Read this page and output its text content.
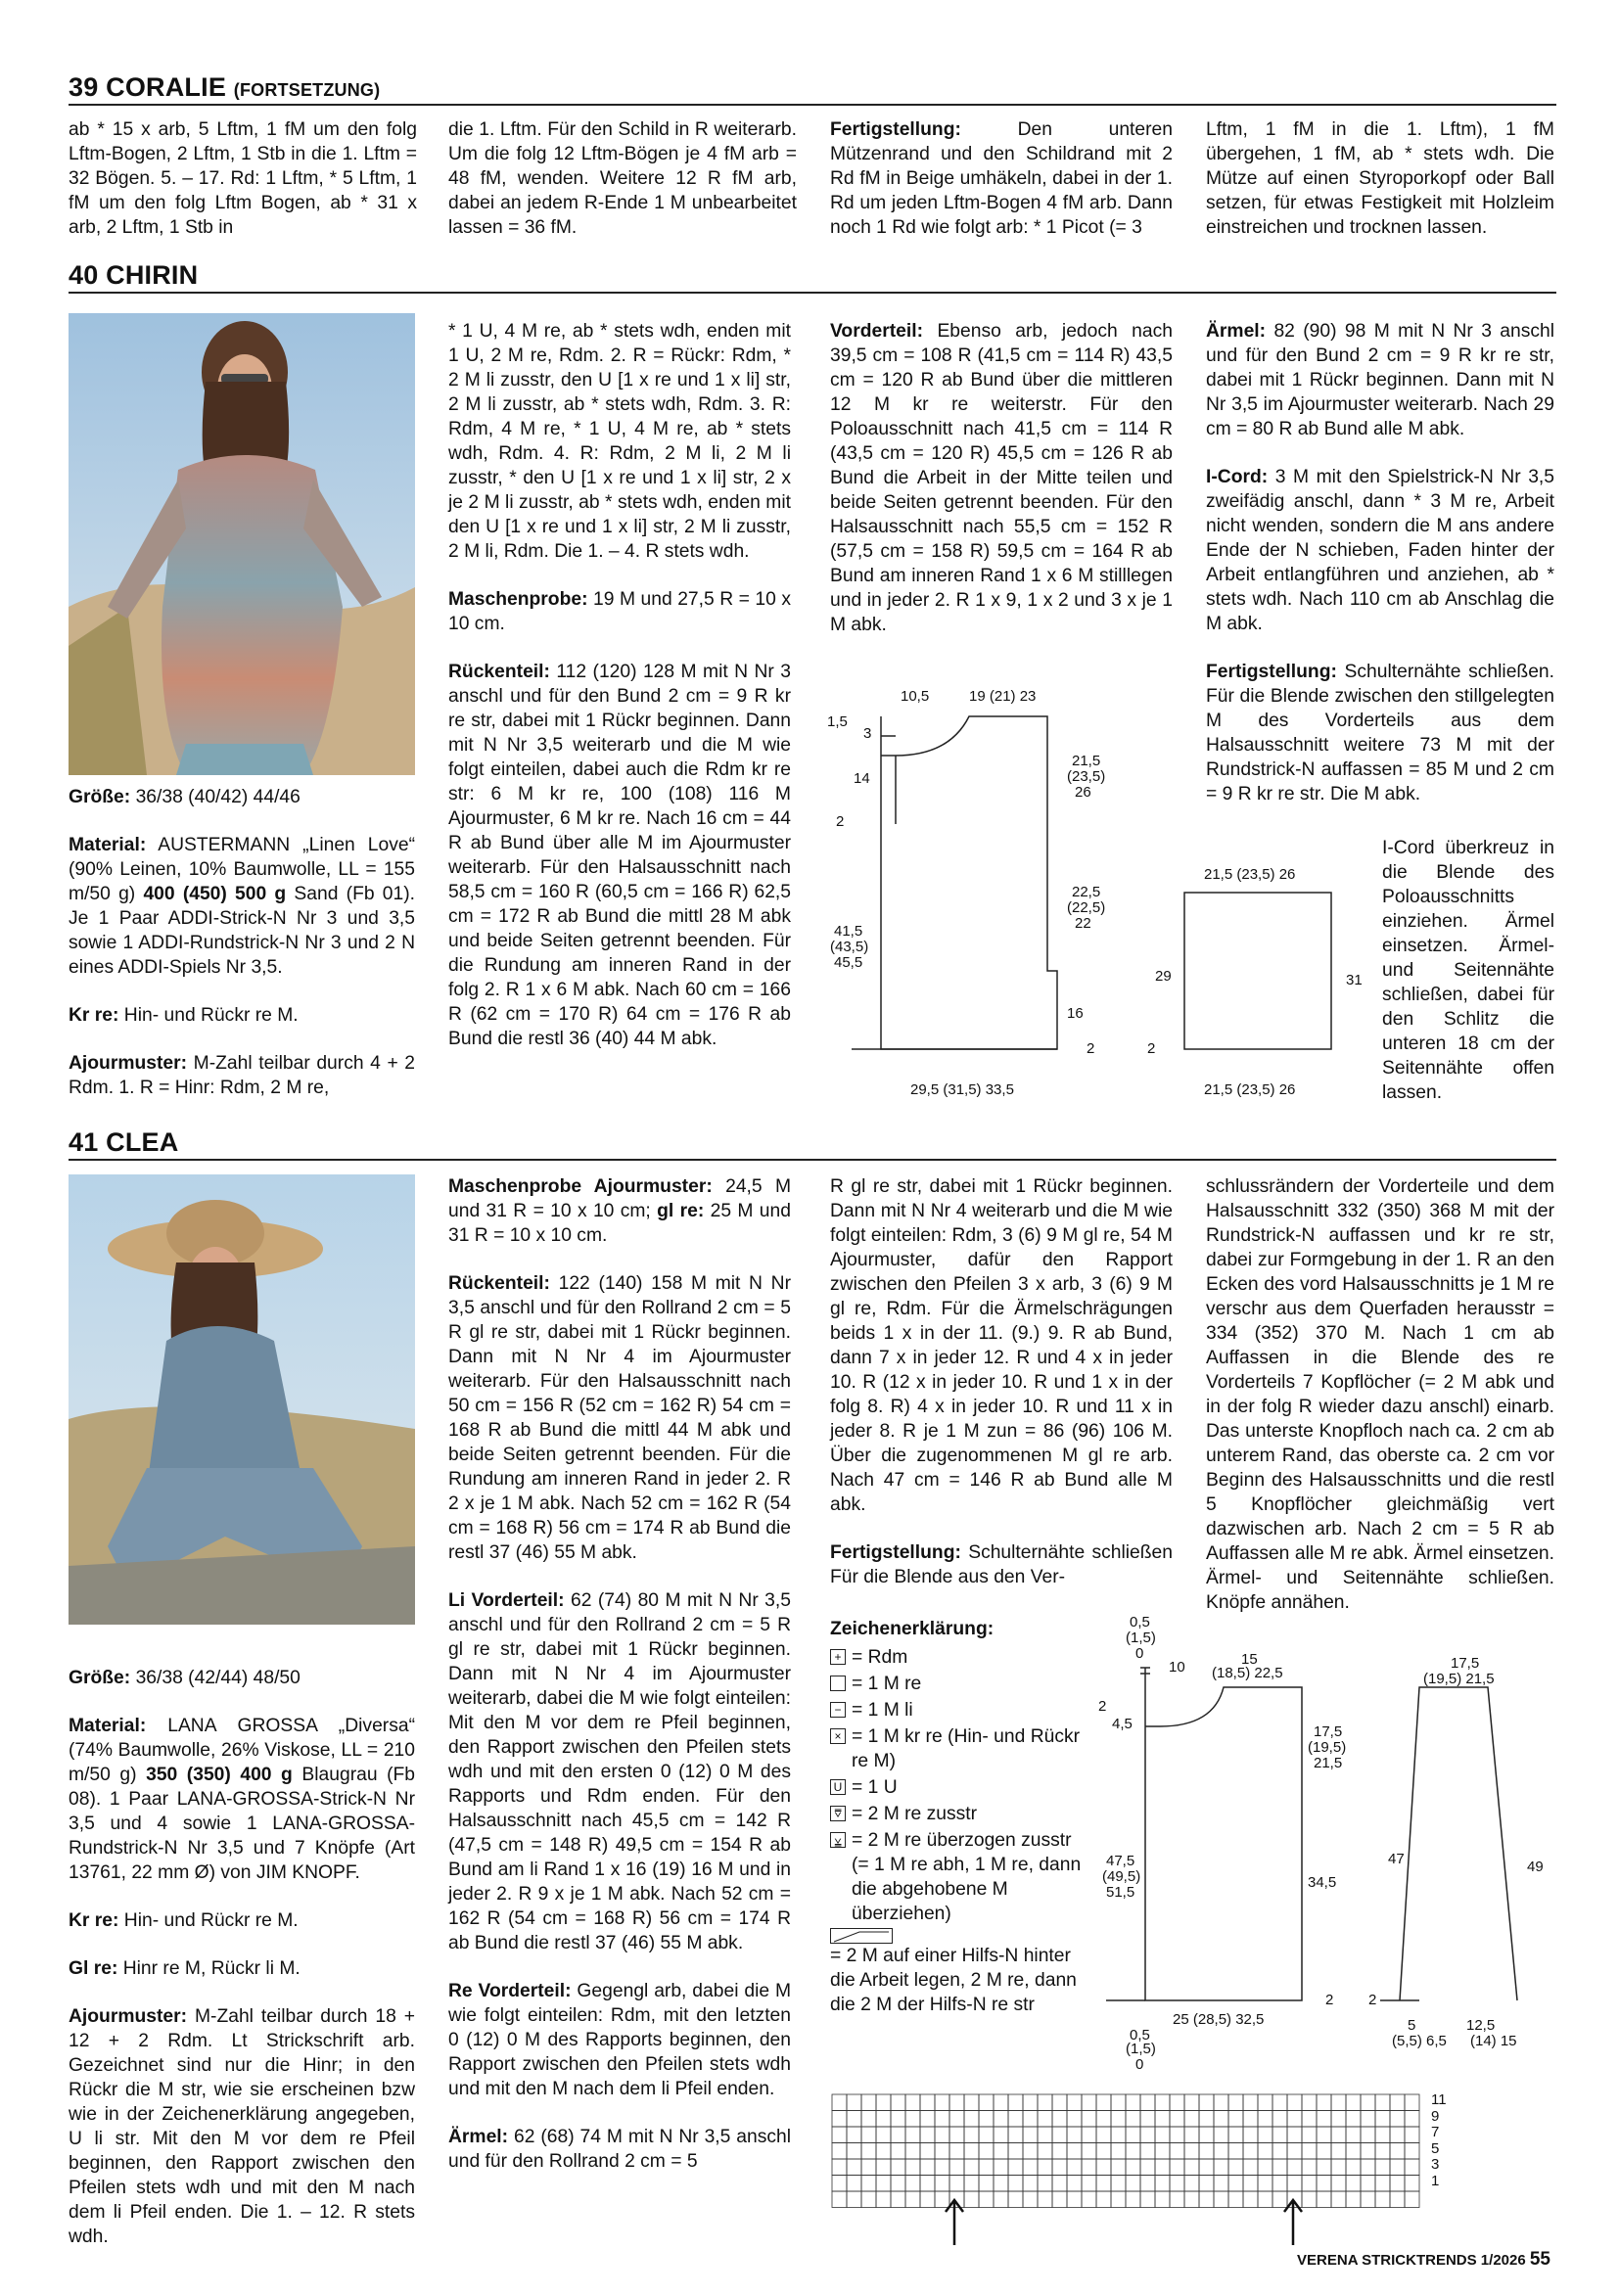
39 CORALIE (FORTSETZUNG)
ab * 15 x arb, 5 Lftm, 1 fM um den folg Lftm-Bogen, 2 Lftm, 1 Stb in die 1. Lftm = 32 Bögen. 5. – 17. Rd: 1 Lftm, * 5 Lftm, 1 fM um den folg Lftm Bogen, ab * 31 x arb, 2 Lftm, 1 Stb in
die 1. Lftm. Für den Schild in R weiterarb. Um die folg 12 Lftm-Bögen je 4 fM arb = 48 fM, wenden. Weitere 12 R fM arb, dabei an jedem R-Ende 1 M unbearbeitet lassen = 36 fM.
Fertigstellung:	Den unteren Mützenrand und den Schildrand mit 2 Rd fM in Beige umhäkeln, dabei in der 1. Rd um jeden Lftm-Bogen 4 fM arb. Dann noch 1 Rd wie folgt arb: * 1 Picot (= 3
Lftm, 1 fM in die 1. Lftm), 1 fM übergehen, 1 fM, ab * stets wdh. Die Mütze auf einen Styroporkopf oder Ball setzen, für etwas Festigkeit mit Holzleim einstreichen und trocknen lassen.
40 CHIRIN

Größe: 36/38 (40/42) 44/46

Material: AUSTERMANN „Linen Love“ (90% Leinen, 10% Baumwolle, LL = 155 m/50 g) 400 (450) 500 g Sand (Fb 01). Je 1 Paar ADDI-Strick-N Nr 3 und 3,5 sowie 1 ADDI-Rundstrick-N Nr 3 und 2 N eines ADDI-Spiels Nr 3,5.

Kr re: Hin- und Rückr re M.

Ajourmuster: M-Zahl teilbar durch 4 + 2 Rdm. 1. R = Hinr: Rdm, 2 M re,

* 1 U, 4 M re, ab * stets wdh, enden mit 1 U, 2 M re, Rdm. 2. R = Rückr: Rdm, * 2 M li zusstr, den U [1 x re und 1 x li] str, 2 M li zusstr, ab * stets wdh, Rdm. 3. R: Rdm, 4 M re, * 1 U, 4 M re, ab * stets wdh, Rdm. 4. R: Rdm, 2 M li, 2 M li zusstr, * den U [1 x re und 1 x li] str, 2 x je 2 M li zusstr, ab * stets wdh, enden mit den U [1 x re und 1 x li] str, 2 M li zusstr, 2 M li, Rdm. Die 1. – 4. R stets wdh.

Maschenprobe: 19 M und 27,5 R = 10 x 10 cm.

Rückenteil: 112 (120) 128 M mit N Nr 3 anschl und für den Bund 2 cm = 9 R kr re str, dabei mit 1 Rückr beginnen. Dann mit N Nr 3,5 weiterarb und die M wie folgt einteilen, dabei auch die Rdm kr re str: 6 M kr re, 100 (108) 116 M Ajourmuster, 6 M kr re. Nach 16 cm = 44 R ab Bund über alle M im Ajourmuster weiterarb. Für den Halsausschnitt nach 58,5 cm = 160 R (60,5 cm = 166 R) 62,5 cm = 172 R ab Bund die mittl 28 M abk und beide Seiten getrennt beenden. Für die Rundung am inneren Rand in der folg 2. R 1 x 6 M abk. Nach 60 cm = 166 R (62 cm = 170 R) 64 cm = 176 R ab Bund die restl 36 (40) 44 M abk.

Vorderteil: Ebenso arb, jedoch nach 39,5 cm = 108 R (41,5 cm = 114 R) 43,5 cm = 120 R ab Bund über die mittleren 12 M kr re weiterstr. Für den Poloausschnitt nach 41,5 cm = 114 R (43,5 cm = 120 R) 45,5 cm = 126 R ab Bund die Arbeit in der Mitte teilen und beide Seiten getrennt beenden. Für den Halsausschnitt nach 55,5 cm = 152 R (57,5 cm = 158 R) 59,5 cm = 164 R ab Bund am inneren Rand 1 x 6 M stilllegen und in jeder 2. R 1 x 9, 1 x 2 und 3 x je 1 M abk.

Ärmel: 82 (90) 98 M mit N Nr 3 anschl und für den Bund 2 cm = 9 R kr re str, dabei mit 1 Rückr beginnen. Dann mit N Nr 3,5 im Ajourmuster weiterarb. Nach 29 cm = 80 R ab Bund alle M abk.

I-Cord: 3 M mit den Spielstrick-N Nr 3,5 zweifädig anschl, dann * 3 M re, Arbeit nicht wenden, sondern die M ans andere Ende der N schieben, Faden hinter der Arbeit entlangführen und anziehen, ab * stets wdh. Nach 110 cm ab Anschlag die M abk.

Fertigstellung: Schulternähte schließen. Für die Blende zwischen den stillgelegten M des Vorderteils aus dem Halsausschnitt weitere 73 M mit der Rundstrick-N auffassen = 85 M und 2 cm = 9 R kr re str. Die M abk.

I-Cord überkreuz in die Blende des Poloausschnitts einziehen. Ärmel einsetzen. Ärmel- und Seitennähte schließen, dabei für den Schlitz die unteren 18 cm der Seitennähte offen lassen.
10,5	19 (21) 23
1,5
3
14
2
21,5
(23,5)
26
22,5
(22,5)
22
41,5
(43,5)
45,5
16
2
29,5 (31,5) 33,5
21,5 (23,5) 26
29	31
2
21,5 (23,5) 26
41 CLEA

Größe: 36/38 (42/44) 48/50

Material: LANA GROSSA „Diversa“ (74% Baumwolle, 26% Viskose, LL = 210 m/50 g) 350 (350) 400 g Blaugrau (Fb 08). 1 Paar LANA-GROSSA-Strick-N Nr 3,5 und 4 sowie 1 LANA-GROSSA-Rundstrick-N Nr 3,5 und 7 Knöpfe (Art 13761, 22 mm Ø) von JIM KNOPF.

Kr re: Hin- und Rückr re M.

Gl re: Hinr re M, Rückr li M.

Ajourmuster: M-Zahl teilbar durch 18 + 12 + 2 Rdm. Lt Strickschrift arb. Gezeichnet sind nur die Hinr; in den Rückr die M str, wie sie erscheinen bzw wie in der Zeichenerklärung angegeben, U li str. Mit den M vor dem re Pfeil beginnen, den Rapport zwischen den Pfeilen stets wdh und mit den M nach dem li Pfeil enden. Die 1. – 12. R stets wdh.

Maschenprobe Ajourmuster: 24,5 M und 31 R = 10 x 10 cm; gl re: 25 M und 31 R = 10 x 10 cm.

Rückenteil: 122 (140) 158 M mit N Nr 3,5 anschl und für den Rollrand 2 cm = 5 R gl re str, dabei mit 1 Rückr beginnen. Dann mit N Nr 4 im Ajourmuster weiterarb. Für den Halsausschnitt nach 50 cm = 156 R (52 cm = 162 R) 54 cm = 168 R ab Bund die mittl 44 M abk und beide Seiten getrennt beenden. Für die Rundung am inneren Rand in jeder 2. R 2 x je 1 M abk. Nach 52 cm = 162 R (54 cm = 168 R) 56 cm = 174 R ab Bund die restl 37 (46) 55 M abk.

Li Vorderteil: 62 (74) 80 M mit N Nr 3,5 anschl und für den Rollrand 2 cm = 5 R gl re str, dabei mit 1 Rückr beginnen. Dann mit N Nr 4 im Ajourmuster weiterarb, dabei die M wie folgt einteilen: Mit den M vor dem re Pfeil beginnen, den Rapport zwischen den Pfeilen stets wdh und mit den ersten 0 (12) 0 M des Rapports und Rdm enden. Für den Halsausschnitt nach 45,5 cm = 142 R (47,5 cm = 148 R) 49,5 cm = 154 R ab Bund am li Rand 1 x 16 (19) 16 M und in jeder 2. R 9 x je 1 M abk. Nach 52 cm = 162 R (54 cm = 168 R) 56 cm = 174 R ab Bund die restl 37 (46) 55 M abk.

Re Vorderteil: Gegengl arb, dabei die M wie folgt einteilen: Rdm, mit den letzten 0 (12) 0 M des Rapports beginnen, den Rapport zwischen den Pfeilen stets wdh und mit den M nach dem li Pfeil enden.

Ärmel: 62 (68) 74 M mit N Nr 3,5 anschl und für den Rollrand 2 cm = 5

R gl re str, dabei mit 1 Rückr beginnen. Dann mit N Nr 4 weiterarb und die M wie folgt einteilen: Rdm, 3 (6) 9 M gl re, 54 M Ajourmuster, dafür den Rapport zwischen den Pfeilen 3 x arb, 3 (6) 9 M gl re, Rdm. Für die Ärmelschrägungen beids 1 x in der 11. (9.) 9. R ab Bund, dann 7 x in jeder 12. R und 4 x in jeder 10. R (12 x in jeder 10. R und 1 x in der folg 8. R) 4 x in jeder 10. R und 11 x in jeder 8. R je 1 M zun = 86 (96) 106 M. Über die zugenommenen M gl re arb. Nach 47 cm = 146 R ab Bund alle M abk.

Fertigstellung: Schulternähte schließen Für die Blende aus den Ver-

schlussrändern der Vorderteile und dem Halsausschnitt 332 (350) 368 M mit der Rundstrick-N auffassen und kr re str, dabei zur Formgebung in der 1. R an den Ecken des vord Halsausschnitts je 1 M re verschr aus dem Querfaden herausstr = 334 (352) 370 M. Nach 1 cm ab Auffassen in die Blende des re Vorderteils 7 Kopflöcher (= 2 M abk und in der folg R wieder dazu anschl) einarb. Das unterste Knopfloch nach ca. 2 cm ab unterem Rand, das oberste ca. 2 cm vor Beginn des Halsausschnitts und die restl 5 Knopflöcher gleichmäßig vert dazwischen arb. Nach 2 cm = 5 R ab Auffassen alle M re abk. Ärmel einsetzen. Ärmel- und Seitennähte schließen. Knöpfe annähen.
Zeichenerklärung:
+ = Rdm
= 1 M re
− = 1 M li
× = 1 M kr re (Hin- und Rückr re M)
U = 1 U
⩢ = 2 M re zusstr
⩣ = 2 M re überzogen zusstr (= 1 M re abh, 1 M re, dann die abgehobene M überziehen)
= 2 M auf einer Hilfs-N hinter die Arbeit legen, 2 M re, dann die 2 M der Hilfs-N re str
0,5
(1,5)
0
10	15
(18,5) 22,5
2
4,5	17,5
(19,5)
21,5
47,5
(49,5)
51,5
34,5
2
25 (28,5) 32,5
0,5
(1,5)
0
17,5
(19,5) 21,5
47	49
2
5	12,5
(5,5) 6,5 (14) 15
11
9
7
5
3
1
VERENA STRICKTRENDS 1/2026 55
